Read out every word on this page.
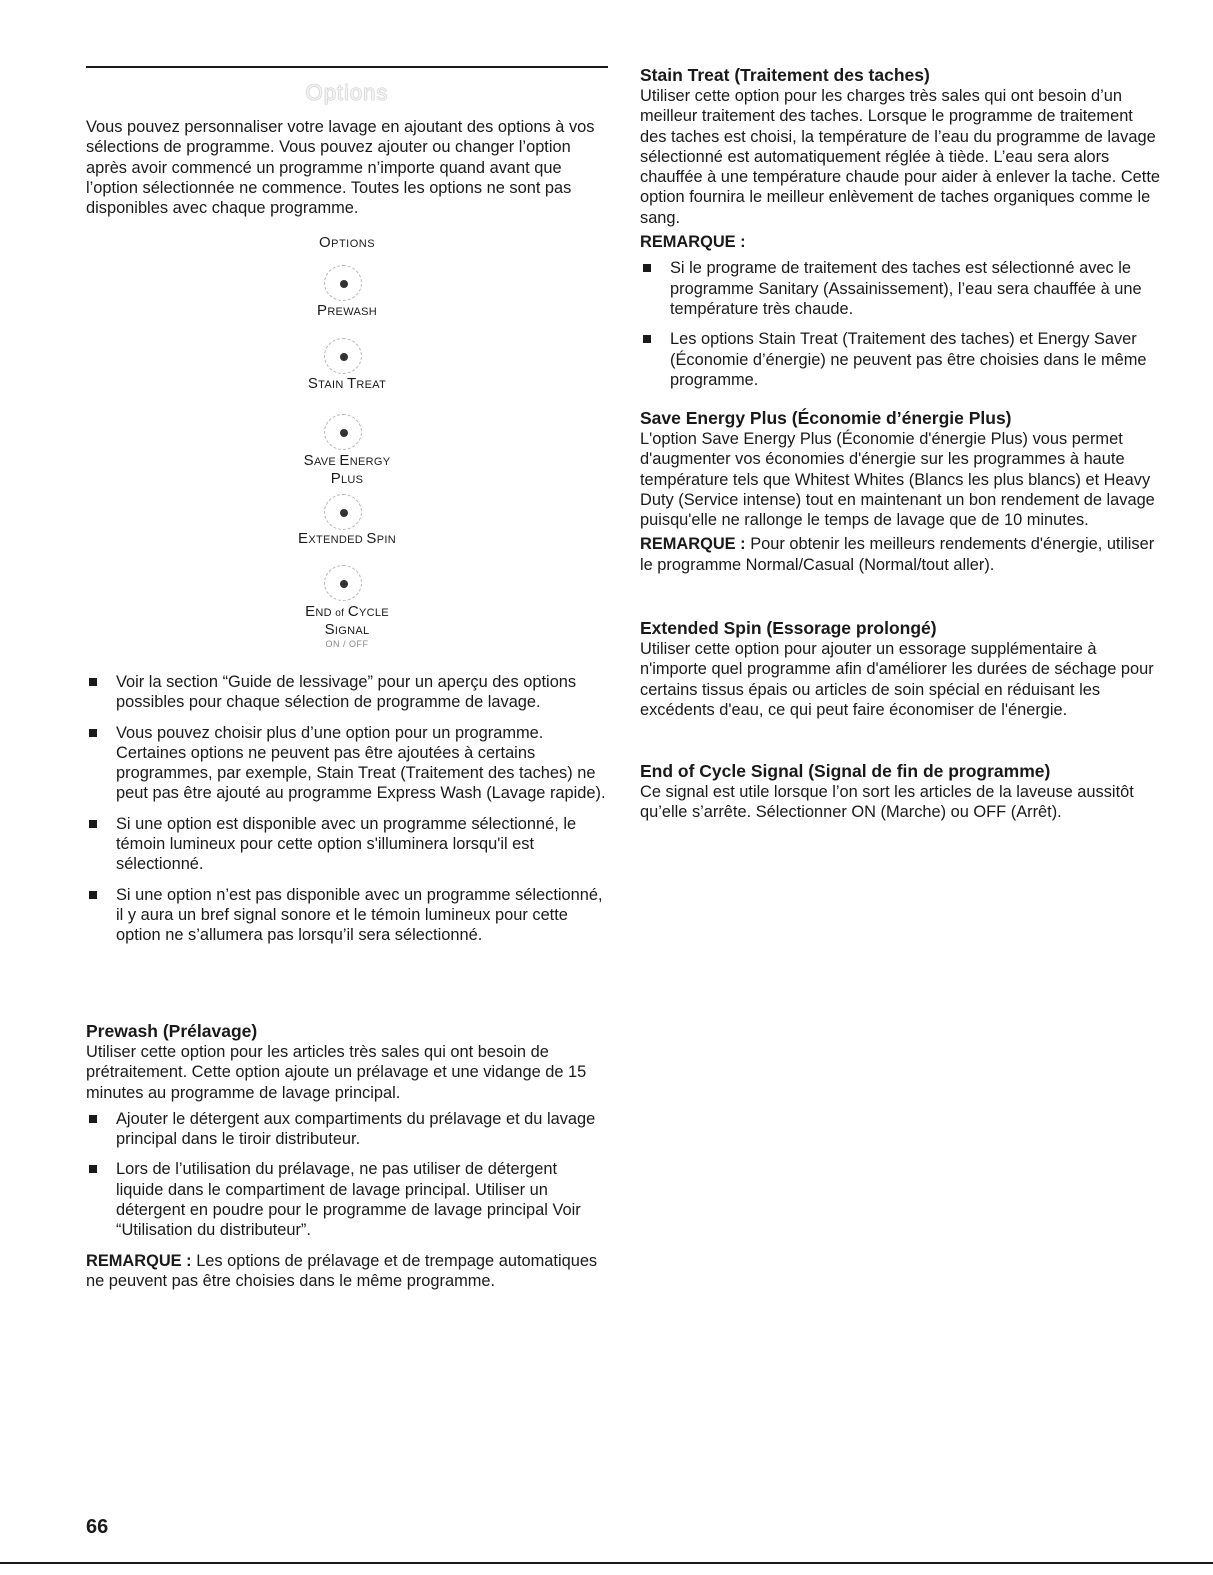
Options

Vous pouvez personnaliser votre lavage en ajoutant des options à vos sélections de programme. Vous pouvez ajouter ou changer l’option après avoir commencé un programme n’importe quand avant que l’option sélectionnée ne commence. Toutes les options ne sont pas disponibles avec chaque programme.

OPTIONS
PREWASH
STAIN TREAT
SAVE ENERGY
PLUS
EXTENDED SPIN
END of CYCLE
SIGNAL
ON / OFF
Voir la section “Guide de lessivage” pour un aperçu des options possibles pour chaque sélection de programme de lavage.
Vous pouvez choisir plus d’une option pour un programme. Certaines options ne peuvent pas être ajoutées à certains programmes, par exemple, Stain Treat (Traitement des taches) ne peut pas être ajouté au programme Express Wash (Lavage rapide).
Si une option est disponible avec un programme sélectionné, le témoin lumineux pour cette option s'illuminera lorsqu'il est sélectionné.
Si une option n’est pas disponible avec un programme sélectionné, il y aura un bref signal sonore et le témoin lumineux pour cette option ne s’allumera pas lorsqu’il sera sélectionné.
Prewash (Prélavage)

Utiliser cette option pour les articles très sales qui ont besoin de prétraitement. Cette option ajoute un prélavage et une vidange de 15 minutes au programme de lavage principal.

Ajouter le détergent aux compartiments du prélavage et du lavage principal dans le tiroir distributeur.
Lors de l’utilisation du prélavage, ne pas utiliser de détergent liquide dans le compartiment de lavage principal. Utiliser un détergent en poudre pour le programme de lavage principal Voir “Utilisation du distributeur”.

REMARQUE : Les options de prélavage et de trempage automatiques ne peuvent pas être choisies dans le même programme.

Stain Treat (Traitement des taches)

Utiliser cette option pour les charges très sales qui ont besoin d’un meilleur traitement des taches. Lorsque le programme de traitement des taches est choisi, la température de l’eau du programme de lavage sélectionné est automatiquement réglée à tiède. L’eau sera alors chauffée à une température chaude pour aider à enlever la tache. Cette option fournira le meilleur enlèvement de taches organiques comme le sang.

REMARQUE :

Si le programe de traitement des taches est sélectionné avec le programme Sanitary (Assainissement), l’eau sera chauffée à une température très chaude.
Les options Stain Treat (Traitement des taches) et Energy Saver (Économie d’énergie) ne peuvent pas être choisies dans le même programme.
Save Energy Plus (Économie d’énergie Plus)

L'option Save Energy Plus (Économie d'énergie Plus) vous permet d'augmenter vos économies d'énergie sur les programmes à haute température tels que Whitest Whites (Blancs les plus blancs) et Heavy Duty (Service intense) tout en maintenant un bon rendement de lavage puisqu'elle ne rallonge le temps de lavage que de 10 minutes.

REMARQUE : Pour obtenir les meilleurs rendements d'énergie, utiliser le programme Normal/Casual (Normal/tout aller).

Extended Spin (Essorage prolongé)

Utiliser cette option pour ajouter un essorage supplémentaire à n'importe quel programme afin d'améliorer les durées de séchage pour certains tissus épais ou articles de soin spécial en réduisant les excédents d'eau, ce qui peut faire économiser de l'énergie.

End of Cycle Signal (Signal de fin de programme)

Ce signal est utile lorsque l’on sort les articles de la laveuse aussitôt qu’elle s’arrête. Sélectionner ON (Marche) ou OFF (Arrêt).

66
